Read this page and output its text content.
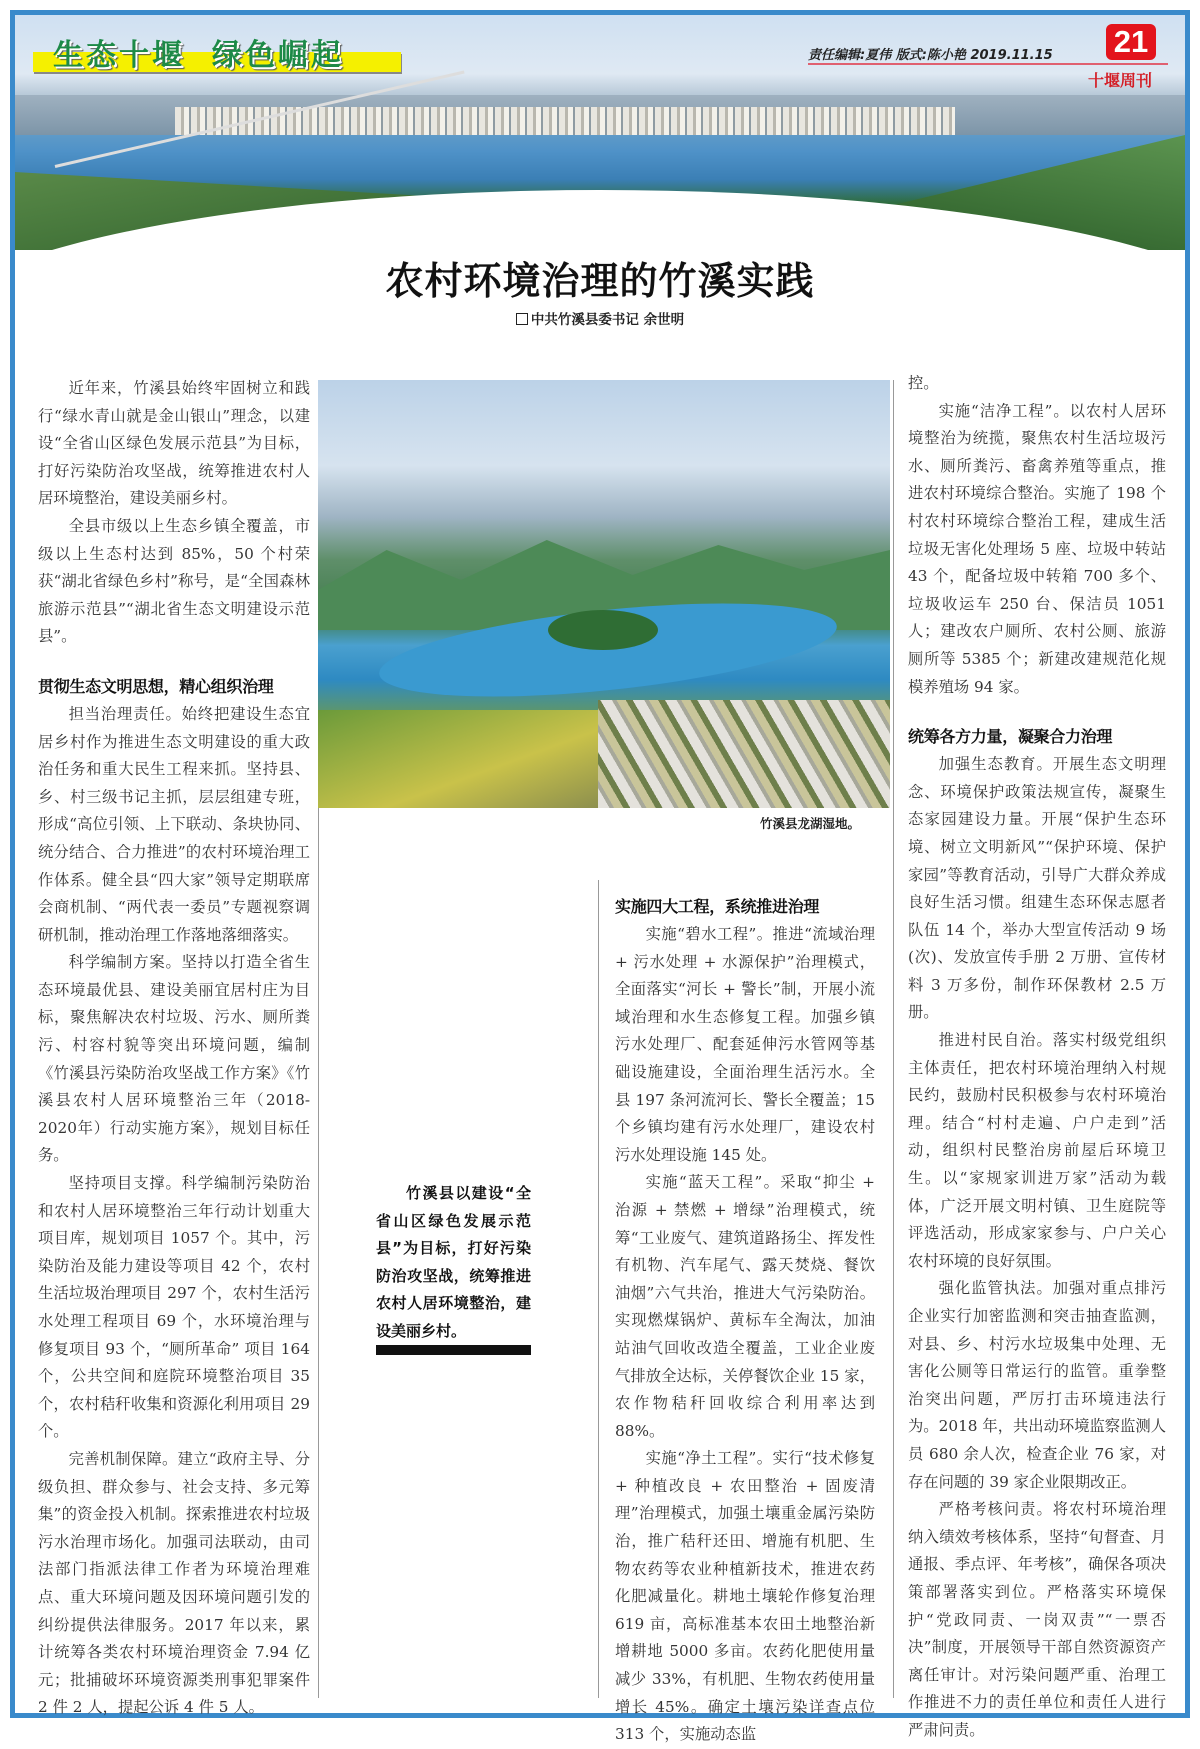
生态十堰  绿色崛起	责任编辑:夏伟 版式:陈小艳 2019.11.15 21
十堰周刊
农村环境治理的竹溪实践
中共竹溪县委书记 余世明

近年来，竹溪县始终牢固树立和践行“绿水青山就是金山银山”理念，以建设“全省山区绿色发展示范县”为目标，打好污染防治攻坚战，统筹推进农村人居环境整治，建设美丽乡村。

全县市级以上生态乡镇全覆盖，市级以上生态村达到 85%，50 个村荣获“湖北省绿色乡村”称号，是“全国森林旅游示范县”“湖北省生态文明建设示范县”。

贯彻生态文明思想，精心组织治理

担当治理责任。始终把建设生态宜居乡村作为推进生态文明建设的重大政治任务和重大民生工程来抓。坚持县、乡、村三级书记主抓，层层组建专班，形成“高位引领、上下联动、条块协同、统分结合、合力推进”的农村环境治理工作体系。健全县“四大家”领导定期联席会商机制、“两代表一委员”专题视察调研机制，推动治理工作落地落细落实。

科学编制方案。坚持以打造全省生态环境最优县、建设美丽宜居村庄为目标，聚焦解决农村垃圾、污水、厕所粪污、村容村貌等突出环境问题，编制《竹溪县污染防治攻坚战工作方案》《竹溪县农村人居环境整治三年（2018-2020年）行动实施方案》，规划目标任务。

坚持项目支撑。科学编制污染防治和农村人居环境整治三年行动计划重大项目库，规划项目 1057 个。其中，污染防治及能力建设等项目 42 个，农村生活垃圾治理项目 297 个，农村生活污水处理工程项目 69 个，水环境治理与修复项目 93 个，“厕所革命” 项目 164 个，公共空间和庭院环境整治项目 35 个，农村秸秆收集和资源化利用项目 29 个。

完善机制保障。建立“政府主导、分级负担、群众参与、社会支持、多元筹集”的资金投入机制。探索推进农村垃圾污水治理市场化。加强司法联动，由司法部门指派法律工作者为环境治理难点、重大环境问题及因环境问题引发的纠纷提供法律服务。2017 年以来，累计统筹各类农村环境治理资金 7.94 亿元；批捕破坏环境资源类刑事犯罪案件 2 件 2 人，提起公诉 4 件 5 人。

竹溪县龙湖湿地。
竹溪县以建设“全省山区绿色发展示范县”为目标，打好污染防治攻坚战，统筹推进农村人居环境整治，建设美丽乡村。
实施四大工程，系统推进治理

实施“碧水工程”。推进“流域治理 + 污水处理 + 水源保护”治理模式，全面落实“河长 + 警长”制，开展小流域治理和水生态修复工程。加强乡镇污水处理厂、配套延伸污水管网等基础设施建设，全面治理生活污水。全县 197 条河流河长、警长全覆盖；15 个乡镇均建有污水处理厂，建设农村污水处理设施 145 处。

实施“蓝天工程”。采取“抑尘 + 治源 + 禁燃 + 增绿”治理模式，统筹“工业废气、建筑道路扬尘、挥发性有机物、汽车尾气、露天焚烧、餐饮油烟”六气共治，推进大气污染防治。实现燃煤锅炉、黄标车全淘汰，加油站油气回收改造全覆盖，工业企业废气排放全达标，关停餐饮企业 15 家，农作物秸秆回收综合利用率达到 88%。

实施“净土工程”。实行“技术修复 + 种植改良 + 农田整治 + 固废清理”治理模式，加强土壤重金属污染防治，推广秸秆还田、增施有机肥、生物农药等农业种植新技术，推进农药化肥减量化。耕地土壤轮作修复治理 619 亩，高标准基本农田土地整治新增耕地 5000 多亩。农药化肥使用量减少 33%，有机肥、生物农药使用量增长 45%。确定土壤污染详查点位 313 个，实施动态监

控。

实施“洁净工程”。以农村人居环境整治为统揽，聚焦农村生活垃圾污水、厕所粪污、畜禽养殖等重点，推进农村环境综合整治。实施了 198 个村农村环境综合整治工程，建成生活垃圾无害化处理场 5 座、垃圾中转站 43 个，配备垃圾中转箱 700 多个、垃圾收运车 250 台、保洁员 1051 人；建改农户厕所、农村公厕、旅游厕所等 5385 个；新建改建规范化规模养殖场 94 家。

统筹各方力量，凝聚合力治理

加强生态教育。开展生态文明理念、环境保护政策法规宣传，凝聚生态家园建设力量。开展“保护生态环境、树立文明新风”“保护环境、保护家园”等教育活动，引导广大群众养成良好生活习惯。组建生态环保志愿者队伍 14 个，举办大型宣传活动 9 场(次)、发放宣传手册 2 万册、宣传材料 3 万多份，制作环保教材 2.5 万册。

推进村民自治。落实村级党组织主体责任，把农村环境治理纳入村规民约，鼓励村民积极参与农村环境治理。结合“村村走遍、户户走到”活动，组织村民整治房前屋后环境卫生。以“家规家训进万家”活动为载体，广泛开展文明村镇、卫生庭院等评选活动，形成家家参与、户户关心农村环境的良好氛围。

强化监管执法。加强对重点排污企业实行加密监测和突击抽查监测，对县、乡、村污水垃圾集中处理、无害化公厕等日常运行的监管。重拳整治突出问题，严厉打击环境违法行为。2018 年，共出动环境监察监测人员 680 余人次，检查企业 76 家，对存在问题的 39 家企业限期改正。

严格考核问责。将农村环境治理纳入绩效考核体系，坚持“旬督查、月通报、季点评、年考核”，确保各项决策部署落实到位。严格落实环境保护“党政同责、一岗双责”“一票否决”制度，开展领导干部自然资源资产离任审计。对污染问题严重、治理工作推进不力的责任单位和责任人进行严肃问责。
